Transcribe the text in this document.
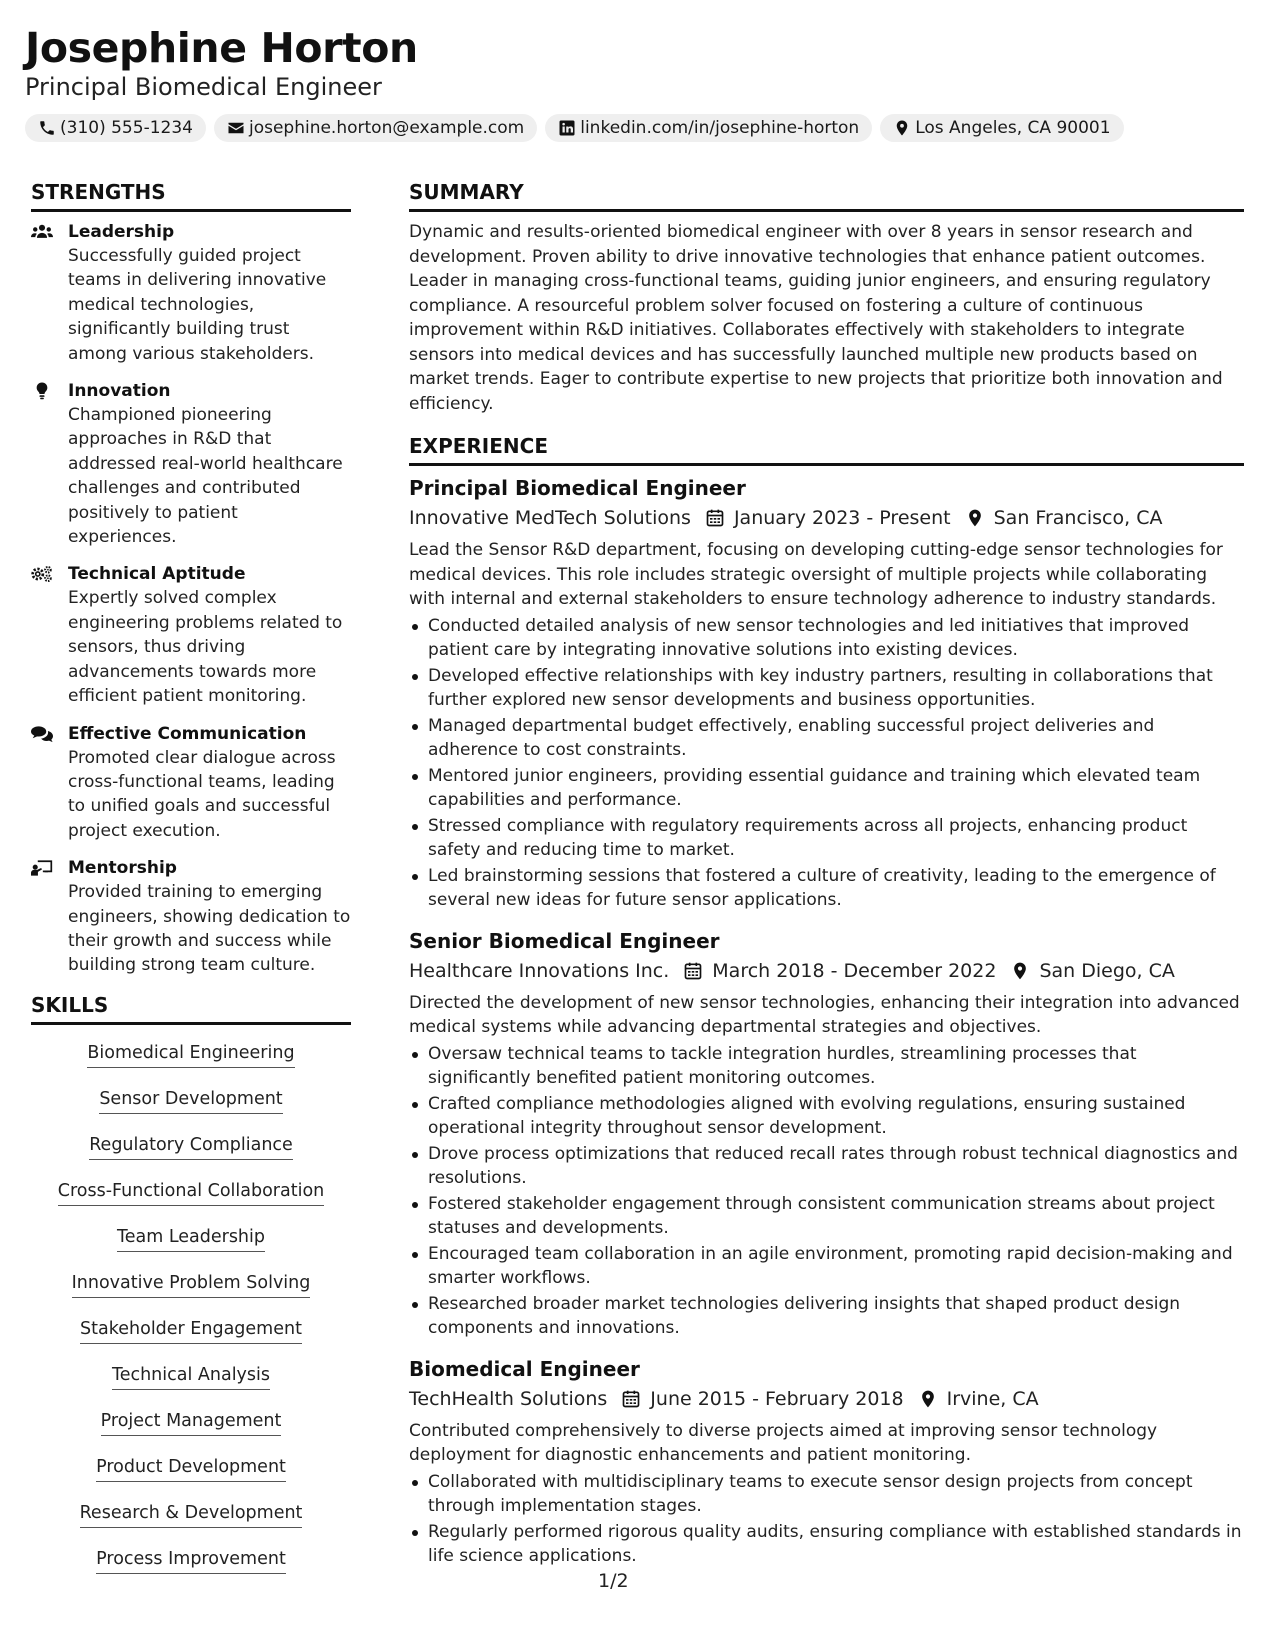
Josephine Horton
Principal Biomedical Engineer
(310) 555-1234	josephine.horton@example.com	linkedin.com/in/josephine-horton	Los Angeles, CA 90001
STRENGTHS
Leadership
Successfully guided project teams in delivering innovative medical technologies, significantly building trust among various stakeholders.
Innovation
Championed pioneering approaches in R&D that addressed real-world healthcare challenges and contributed positively to patient experiences.
Technical Aptitude
Expertly solved complex engineering problems related to sensors, thus driving advancements towards more efficient patient monitoring.
Effective Communication
Promoted clear dialogue across cross-functional teams, leading to unified goals and successful project execution.
Mentorship
Provided training to emerging engineers, showing dedication to their growth and success while building strong team culture.
SKILLS
Biomedical Engineering
Sensor Development
Regulatory Compliance
Cross-Functional Collaboration
Team Leadership
Innovative Problem Solving
Stakeholder Engagement
Technical Analysis
Project Management
Product Development
Research & Development
Process Improvement
SUMMARY
Dynamic and results-oriented biomedical engineer with over 8 years in sensor research and development. Proven ability to drive innovative technologies that enhance patient outcomes. Leader in managing cross-functional teams, guiding junior engineers, and ensuring regulatory compliance. A resourceful problem solver focused on fostering a culture of continuous improvement within R&D initiatives. Collaborates effectively with stakeholders to integrate sensors into medical devices and has successfully launched multiple new products based on market trends. Eager to contribute expertise to new projects that prioritize both innovation and efficiency.
EXPERIENCE
Principal Biomedical Engineer
Innovative MedTech Solutions January 2023 - Present San Francisco, CA
Lead the Sensor R&D department, focusing on developing cutting-edge sensor technologies for medical devices. This role includes strategic oversight of multiple projects while collaborating with internal and external stakeholders to ensure technology adherence to industry standards.
Conducted detailed analysis of new sensor technologies and led initiatives that improved patient care by integrating innovative solutions into existing devices.
Developed effective relationships with key industry partners, resulting in collaborations that further explored new sensor developments and business opportunities.
Managed departmental budget effectively, enabling successful project deliveries and adherence to cost constraints.
Mentored junior engineers, providing essential guidance and training which elevated team capabilities and performance.
Stressed compliance with regulatory requirements across all projects, enhancing product safety and reducing time to market.
Led brainstorming sessions that fostered a culture of creativity, leading to the emergence of several new ideas for future sensor applications.
Senior Biomedical Engineer
Healthcare Innovations Inc. March 2018 - December 2022 San Diego, CA
Directed the development of new sensor technologies, enhancing their integration into advanced medical systems while advancing departmental strategies and objectives.
Oversaw technical teams to tackle integration hurdles, streamlining processes that significantly benefited patient monitoring outcomes.
Crafted compliance methodologies aligned with evolving regulations, ensuring sustained operational integrity throughout sensor development.
Drove process optimizations that reduced recall rates through robust technical diagnostics and resolutions.
Fostered stakeholder engagement through consistent communication streams about project statuses and developments.
Encouraged team collaboration in an agile environment, promoting rapid decision-making and smarter workflows.
Researched broader market technologies delivering insights that shaped product design components and innovations.
Biomedical Engineer
TechHealth Solutions June 2015 - February 2018 Irvine, CA
Contributed comprehensively to diverse projects aimed at improving sensor technology deployment for diagnostic enhancements and patient monitoring.
Collaborated with multidisciplinary teams to execute sensor design projects from concept through implementation stages.
Regularly performed rigorous quality audits, ensuring compliance with established standards in life science applications.
1/2
